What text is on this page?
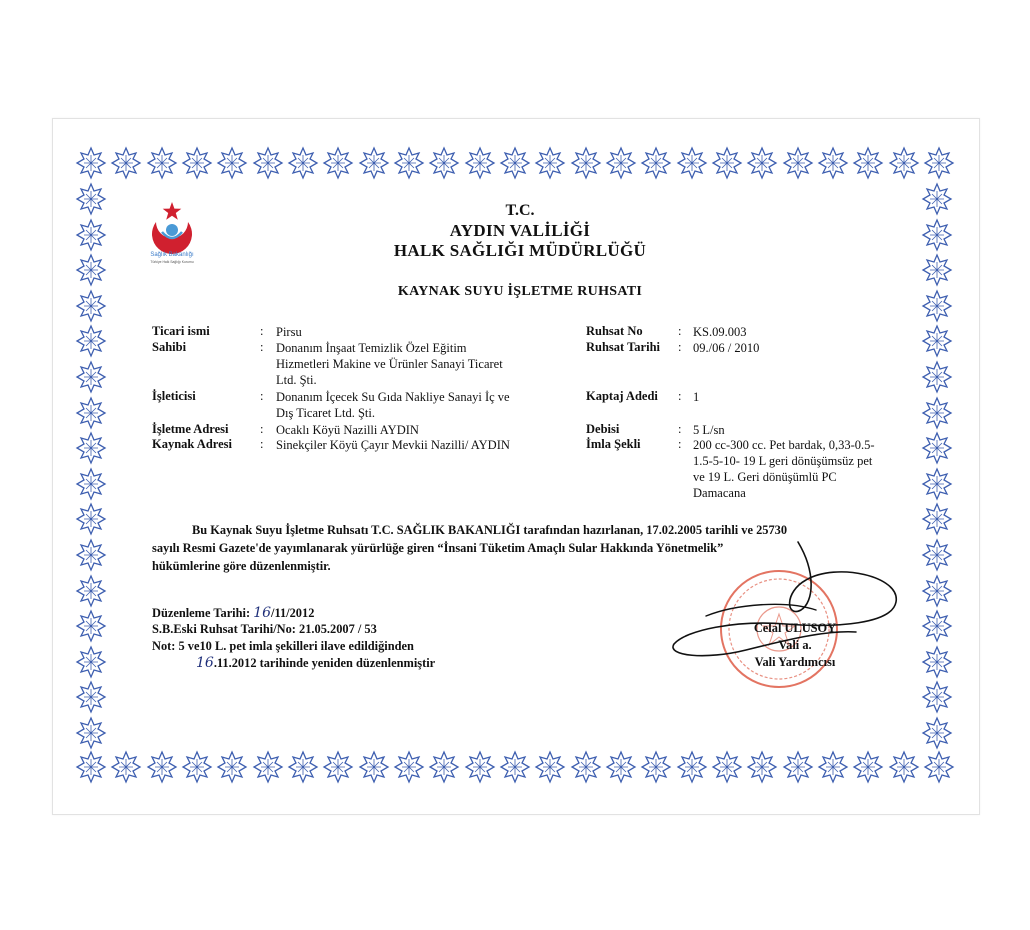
Sağlık Bakanlığı
Türkiye Halk Sağlığı Kurumu
T.C.
AYDIN VALİLİĞİ
HALK SAĞLIĞI MÜDÜRLÜĞÜ
KAYNAK SUYU İŞLETME RUHSATI
Ticari ismi	: Pirsu
Sahibi	: Donanım İnşaat Temizlik Özel Eğitim
Hizmetleri Makine ve Ürünler Sanayi Ticaret
Ltd. Şti.
İşleticisi	: Donanım İçecek Su Gıda Nakliye Sanayi İç ve
Dış Ticaret Ltd. Şti.
İşletme Adresi	: Ocaklı Köyü Nazilli AYDIN
Kaynak Adresi : Sinekçiler Köyü Çayır Mevkii Nazilli/ AYDIN
Ruhsat No	: KS.09.003
Ruhsat Tarihi : 09./06 / 2010
Kaptaj Adedi : 1
Debisi	: 5 L/sn
İmla Şekli	: 200 cc-300 cc. Pet bardak, 0,33-0.5-
1.5-5-10- 19 L geri dönüşümsüz pet
ve 19 L. Geri dönüşümlü PC
Damacana
Bu Kaynak Suyu İşletme Ruhsatı T.C. SAĞLIK BAKANLIĞI tarafından hazırlanan, 17.02.2005 tarihli ve 25730
sayılı Resmi Gazete'de yayımlanarak yürürlüğe giren “İnsani Tüketim Amaçlı Sular Hakkında Yönetmelik”
hükümlerine göre düzenlenmiştir.
Düzenleme Tarihi: 16/11/2012
S.B.Eski Ruhsat Tarihi/No: 21.05.2007 / 53
Not: 5 ve10 L. pet imla şekilleri ilave edildiğinden
16.11.2012 tarihinde yeniden düzenlenmiştir
Celal ULUSOY
Vali a.
Vali Yardımcısı
